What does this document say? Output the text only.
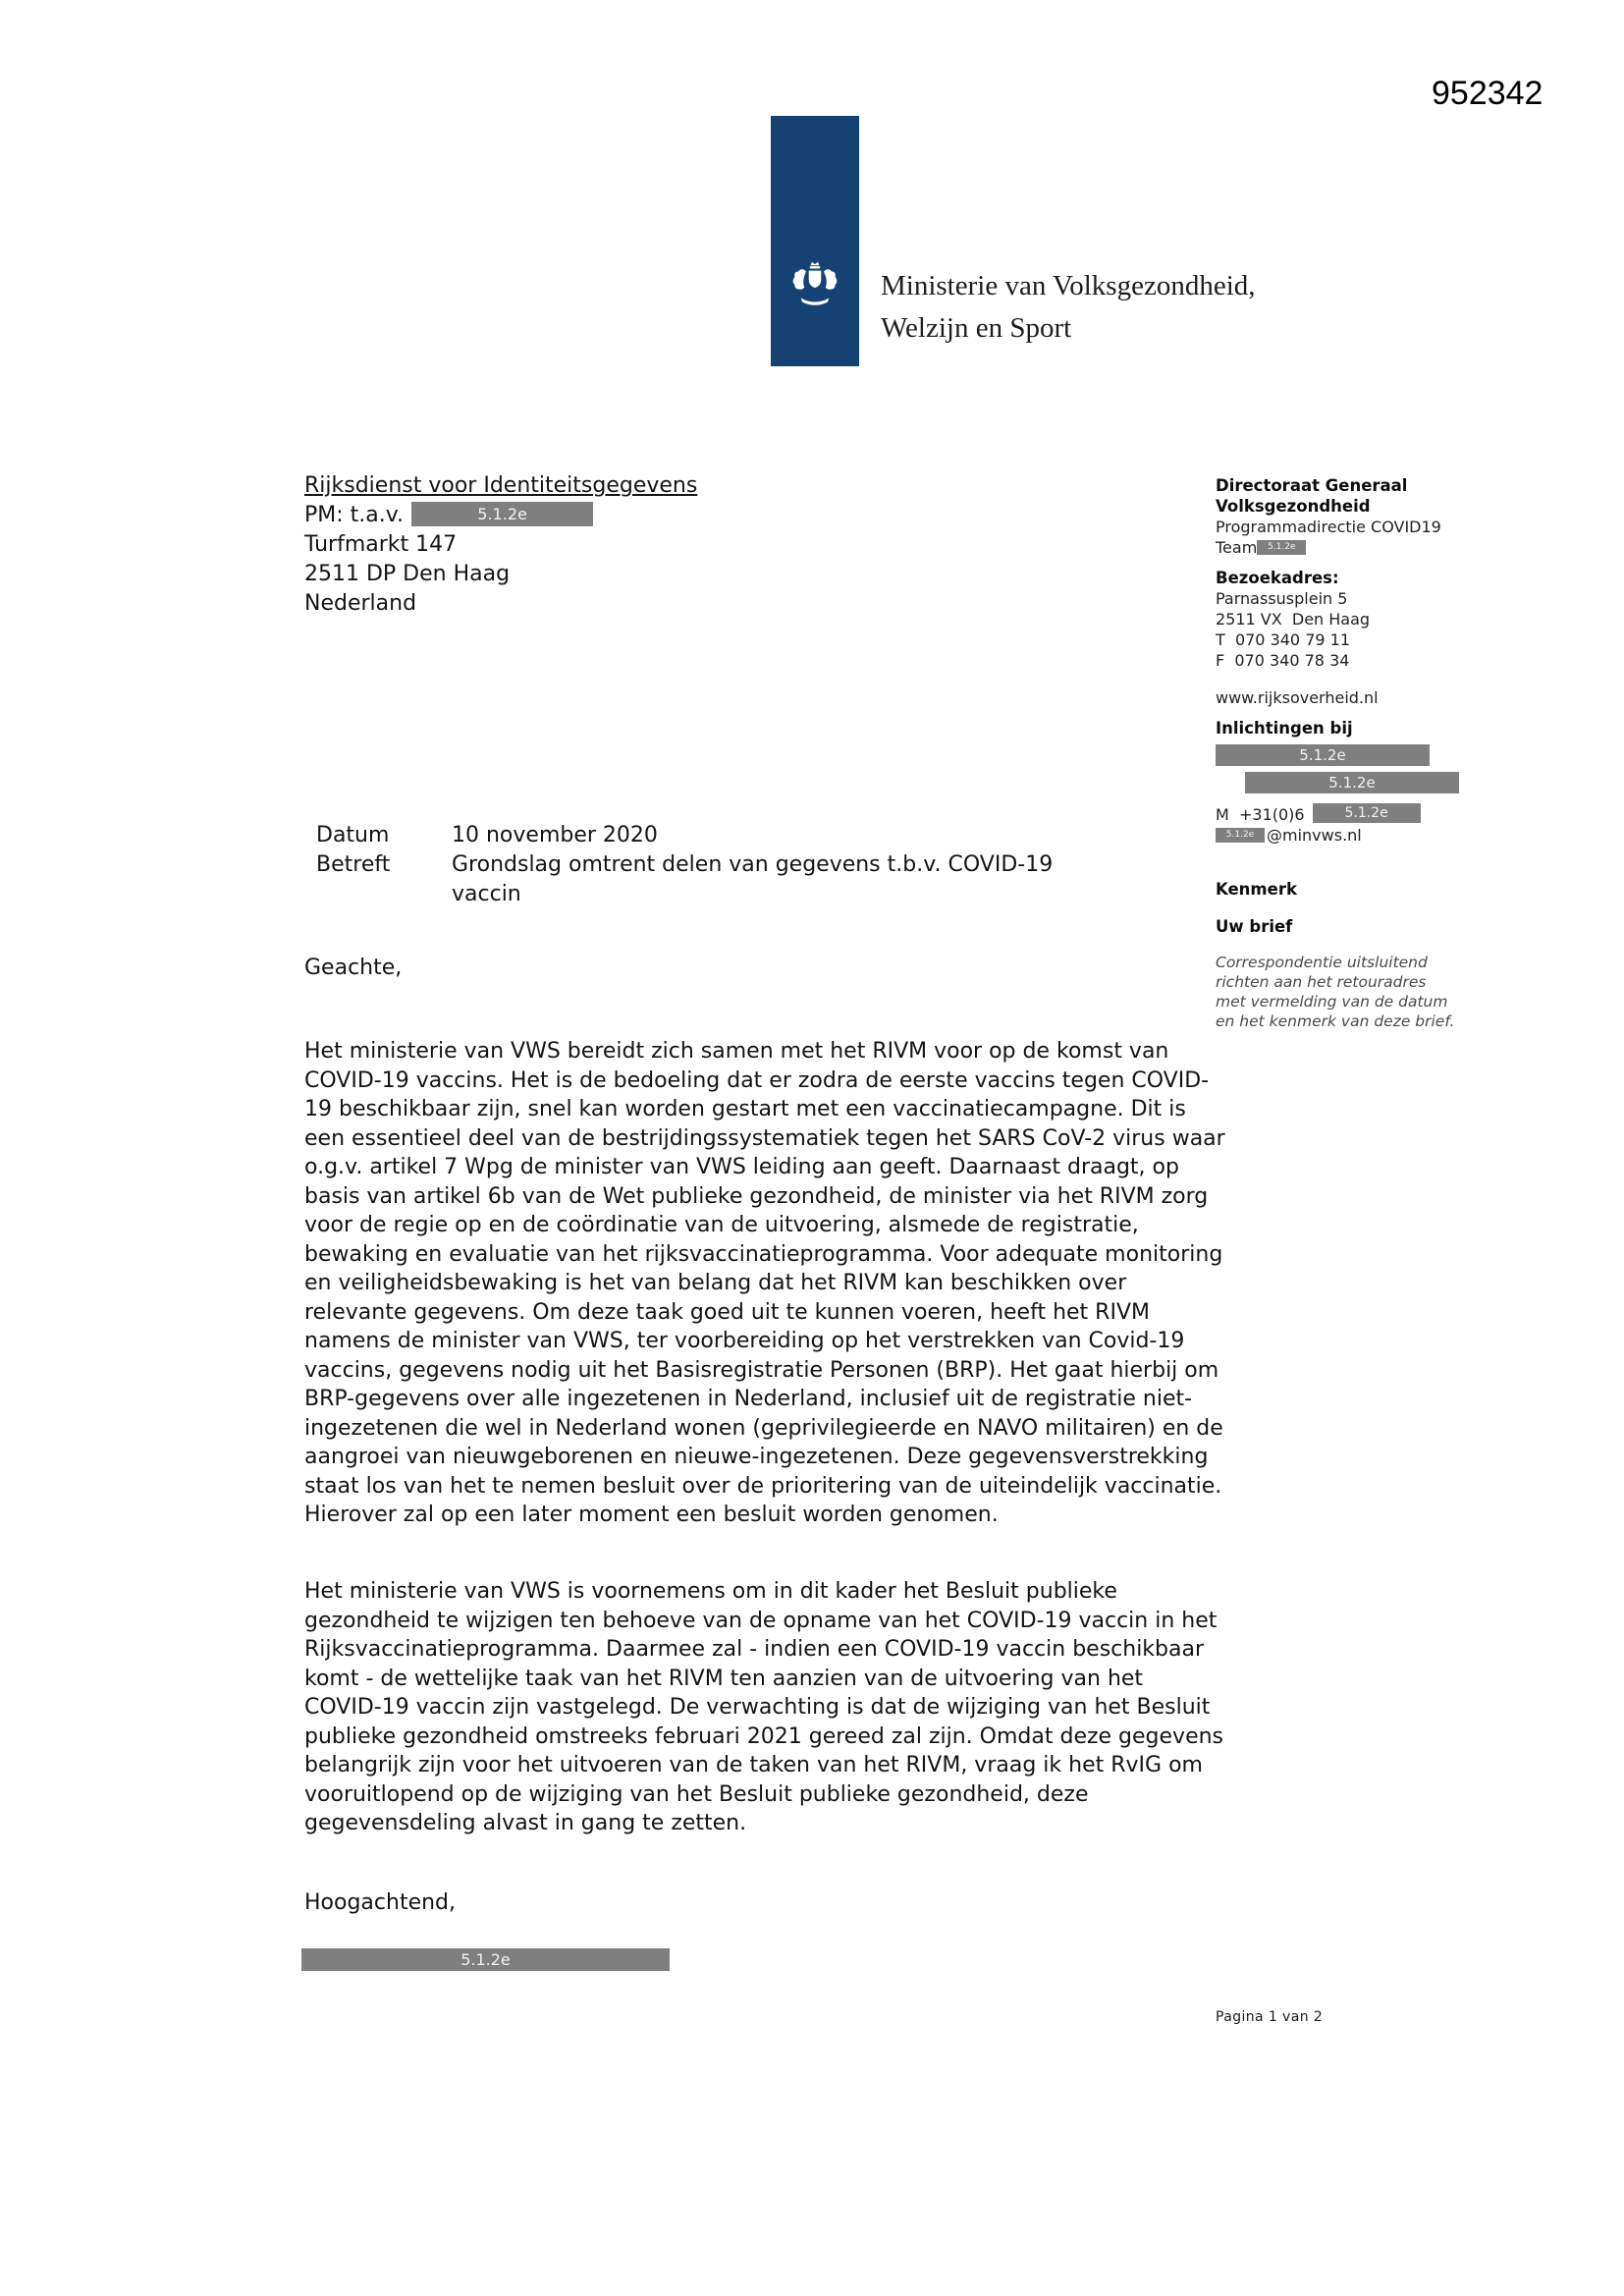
952342
Ministerie van Volksgezondheid,
Welzijn en Sport
Rijksdienst voor Identiteitsgegevens
PM: t.a.v.	5.1.2e
Turfmarkt 147
2511 DP Den Haag
Nederland
Directoraat Generaal
Volksgezondheid
Programmadirectie COVID19
Team 5.1.2e
Bezoekadres:
Parnassusplein 5
2511 VX  Den Haag
T  070 340 79 11
F  070 340 78 34
www.rijksoverheid.nl
Inlichtingen bij
5.1.2e
5.1.2e
M  +31(0)6	5.1.2e
5.1.2e @minvws.nl
Kenmerk
Uw brief
Correspondentie uitsluitend richten aan het retouradres met vermelding van de datum en het kenmerk van deze brief.
Datum	10 november 2020
Betreft	Grondslag omtrent delen van gegevens t.b.v. COVID-19 vaccin
Geachte,
Het ministerie van VWS bereidt zich samen met het RIVM voor op de komst van COVID-19 vaccins. Het is de bedoeling dat er zodra de eerste vaccins tegen COVID-19 beschikbaar zijn, snel kan worden gestart met een vaccinatiecampagne. Dit is een essentieel deel van de bestrijdingssystematiek tegen het SARS CoV-2 virus waar o.g.v. artikel 7 Wpg de minister van VWS leiding aan geeft. Daarnaast draagt, op basis van artikel 6b van de Wet publieke gezondheid, de minister via het RIVM zorg voor de regie op en de coördinatie van de uitvoering, alsmede de registratie, bewaking en evaluatie van het rijksvaccinatieprogramma. Voor adequate monitoring en veiligheidsbewaking is het van belang dat het RIVM kan beschikken over relevante gegevens. Om deze taak goed uit te kunnen voeren, heeft het RIVM namens de minister van VWS, ter voorbereiding op het verstrekken van Covid-19 vaccins, gegevens nodig uit het Basisregistratie Personen (BRP). Het gaat hierbij om BRP-gegevens over alle ingezetenen in Nederland, inclusief uit de registratie niet-ingezetenen die wel in Nederland wonen (geprivilegieerde en NAVO militairen) en de aangroei van nieuwgeborenen en nieuwe-ingezetenen. Deze gegevensverstrekking staat los van het te nemen besluit over de prioritering van de uiteindelijk vaccinatie. Hierover zal op een later moment een besluit worden genomen.
Het ministerie van VWS is voornemens om in dit kader het Besluit publieke gezondheid te wijzigen ten behoeve van de opname van het COVID-19 vaccin in het Rijksvaccinatieprogramma. Daarmee zal - indien een COVID-19 vaccin beschikbaar komt - de wettelijke taak van het RIVM ten aanzien van de uitvoering van het COVID-19 vaccin zijn vastgelegd. De verwachting is dat de wijziging van het Besluit publieke gezondheid omstreeks februari 2021 gereed zal zijn. Omdat deze gegevens belangrijk zijn voor het uitvoeren van de taken van het RIVM, vraag ik het RvIG om vooruitlopend op de wijziging van het Besluit publieke gezondheid, deze gegevensdeling alvast in gang te zetten.
Hoogachtend,
5.1.2e
Pagina 1 van 2
